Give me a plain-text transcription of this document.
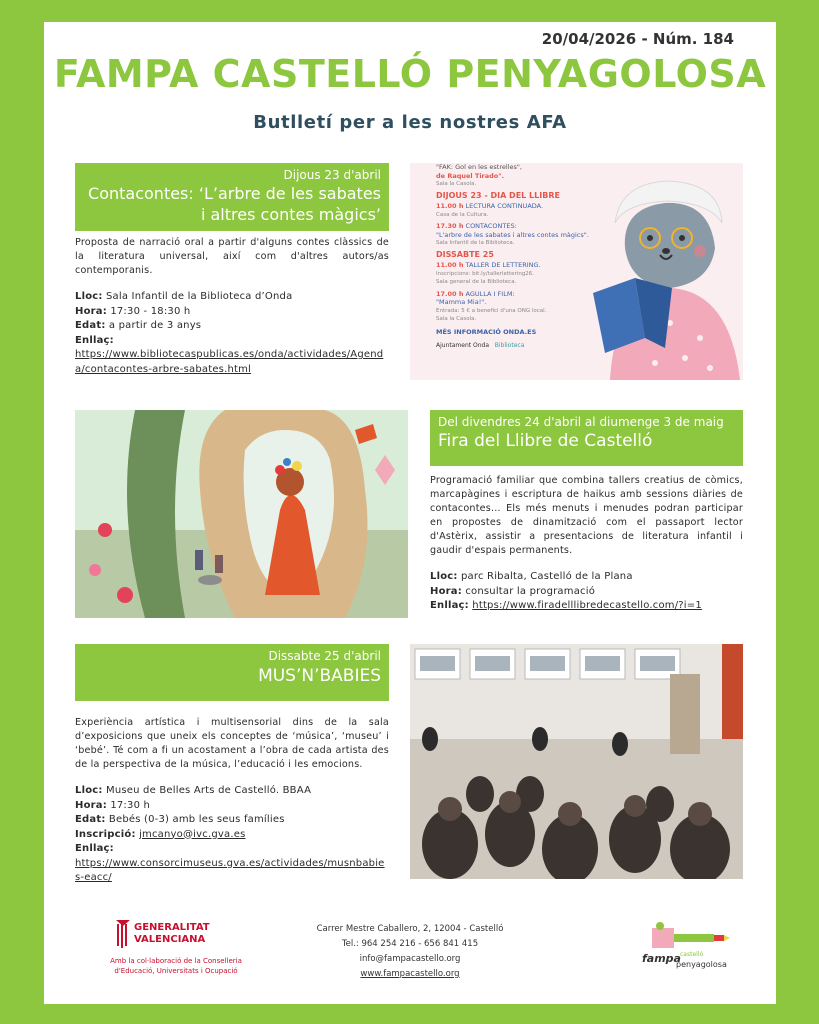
20/04/2026 - Núm. 184
FAMPA CASTELLÓ PENYAGOLOSA
Butlletí per a les nostres AFA
Dijous 23 d'abril
Contacontes: ‘L’arbre de les sabates i altres contes màgics’

Proposta de narració oral a partir d'alguns contes clàssics de la literatura universal, així com d'altres autors/as contemporanis.

Lloc: Sala Infantil de la Biblioteca d’Onda
Hora: 17:30 - 18:30 h
Edat: a partir de 3 anys
Enllaç:
https://www.bibliotecaspublicas.es/onda/actividades/Agenda/contacontes-arbre-sabates.html
"FAK: Gol en les estrelles",
de Raquel Tirado".
Sala la Casola.
DIJOUS 23 - DIA DEL LLIBRE
11.00 h LECTURA CONTINUADA.
Casa de la Cultura.
17.30 h CONTACONTES:
"L'arbre de les sabates i altres contes màgics".
Sala Infantil de la Biblioteca.
DISSABTE 25
11.00 h TALLER DE LETTERING.
Inscripcions: bit.ly/tallerlettering26.
Sala general de la Biblioteca.
17.00 h AGULLA I FILM:
"Mamma Mia!".
Entrada: 5 € a benefici d'una ONG local.
Sala la Casola.
MÉS INFORMACIÓ ONDA.ES
Ajuntament Onda Biblioteca
Del divendres 24 d'abril al diumenge 3 de maig
Fira del Llibre de Castelló

Programació familiar que combina tallers creatius de còmics, marcapàgines i escriptura de haikus amb sessions diàries de contacontes... Els més menuts i menudes podran participar en propostes de dinamització com el passaport lector d'Astèrix, assistir a presentacions de literatura infantil i gaudir d'espais permanents.

Lloc: parc Ribalta, Castelló de la Plana
Hora: consultar la programació
Enllaç: https://www.firadelllibredecastello.com/?i=1
Dissabte 25 d'abril
MUS’N’BABIES

Experiència artística i multisensorial dins de la sala d’exposicions que uneix els conceptes de ‘música’, ‘museu’ i ‘bebé’. Té com a fi un acostament a l’obra de cada artista des de la perspectiva de la música, l’educació i les emocions.

Lloc: Museu de Belles Arts de Castelló. BBAA
Hora: 17:30 h
Edat: Bebés (0-3) amb les seus famílies
Inscripció: jmcanyo@ivc.gva.es
Enllaç:
https://www.consorcimuseus.gva.es/actividades/musnbabies-eacc/
GENERALITAT
VALENCIANA
Amb la col·laboració de la Conselleria d'Educació, Universitats i Ocupació
Carrer Mestre Caballero, 2, 12004 - Castelló
Tel.: 964 254 216 - 656 841 415
info@fampacastello.org
www.fampacastello.org
fampa castelló
penyagolosa
